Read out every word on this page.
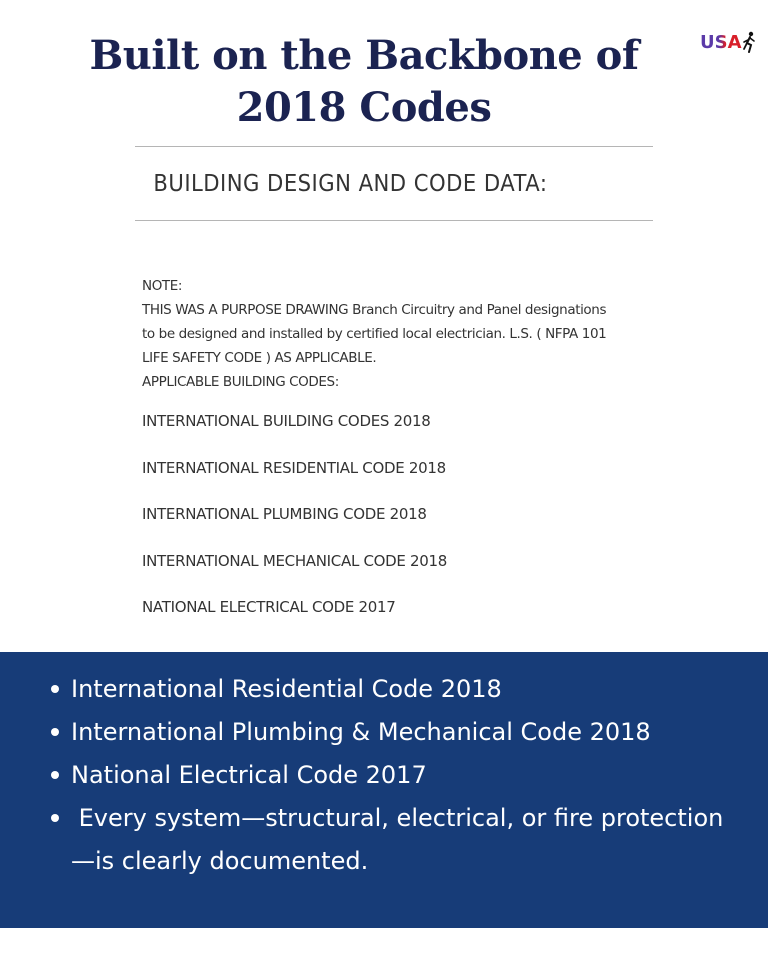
Built on the Backbone of 2018 Codes
USA
BUILDING DESIGN AND CODE DATA:

NOTE:

THIS WAS A PURPOSE DRAWING Branch Circuitry and Panel designations

to be designed and installed by certified local electrician. L.S. ( NFPA 101

LIFE SAFETY CODE ) AS APPLICABLE.

APPLICABLE BUILDING CODES:

INTERNATIONAL BUILDING CODES 2018
INTERNATIONAL RESIDENTIAL CODE 2018
INTERNATIONAL PLUMBING CODE 2018
INTERNATIONAL MECHANICAL CODE 2018
NATIONAL ELECTRICAL CODE 2017
International Residential Code 2018
International Plumbing & Mechanical Code 2018
National Electrical Code 2017
Every system—structural, electrical, or fire protection—is clearly documented.
